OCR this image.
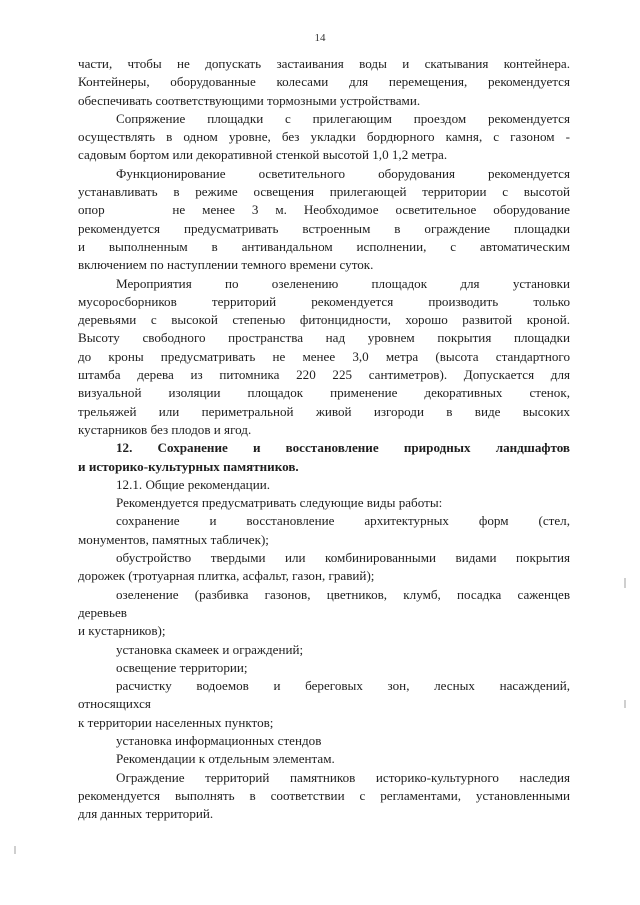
14
части, чтобы не допускать застаивания воды и скатывания контейнера.
Контейнеры, оборудованные колесами для перемещения, рекомендуется
обеспечивать соответствующими тормозными устройствами.
Сопряжение площадки с прилегающим проездом рекомендуется
осуществлять в одном уровне, без укладки бордюрного камня, с газоном -
садовым бортом или декоративной стенкой высотой 1,0 1,2 метра.
Функционирование осветительного оборудования рекомендуется
устанавливать в режиме освещения прилегающей территории с высотой
опор    не менее 3 м. Необходимое осветительное оборудование
рекомендуется предусматривать встроенным в ограждение площадки
и выполненным в антивандальном исполнении, с автоматическим
включением по наступлении темного времени суток.
Мероприятия по озеленению площадок для установки
мусоросборников территорий рекомендуется производить только
деревьями с высокой степенью фитонцидности, хорошо развитой кроной.
Высоту свободного пространства над уровнем покрытия площадки
до кроны предусматривать не менее 3,0 метра (высота стандартного
штамба дерева из питомника 220 225 сантиметров). Допускается для
визуальной изоляции площадок применение декоративных стенок,
трельяжей или периметральной живой изгороди в виде высоких
кустарников без плодов и ягод.
12. Сохранение и восстановление природных ландшафтов
и историко-культурных памятников.
12.1. Общие рекомендации.
Рекомендуется предусматривать следующие виды работы:
сохранение и восстановление архитектурных форм (стел,
монументов, памятных табличек);
обустройство твердыми или комбинированными видами покрытия
дорожек (тротуарная плитка, асфальт, газон, гравий);
озеленение (разбивка газонов, цветников, клумб, посадка саженцев
деревьев
и кустарников);
установка скамеек и ограждений;
освещение территории;
расчистку водоемов и береговых зон, лесных насаждений,
относящихся
к территории населенных пунктов;
установка информационных стендов
Рекомендации к отдельным элементам.
Ограждение территорий памятников историко-культурного наследия
рекомендуется выполнять в соответствии с регламентами, установленными
для данных территорий.
